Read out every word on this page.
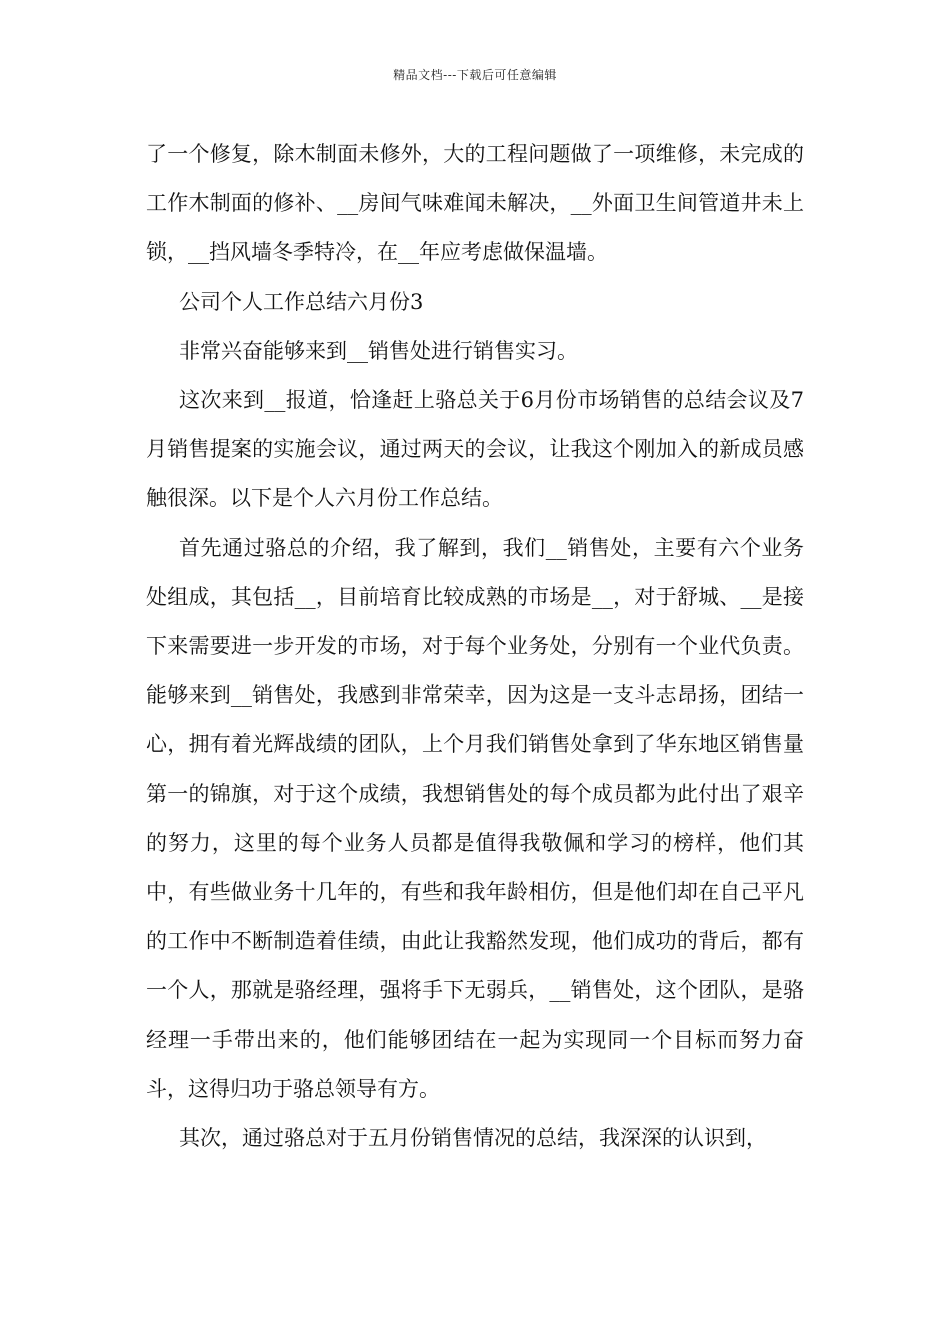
精品文档---下载后可任意编辑

了一个修复，除木制面未修外，大的工程问题做了一项维修，未完成的工作木制面的修补、__房间气味难闻未解决，__外面卫生间管道井未上锁，__挡风墙冬季特冷，在__年应考虑做保温墙。

公司个人工作总结六月份3

非常兴奋能够来到__销售处进行销售实习。

这次来到__报道，恰逢赶上骆总关于6月份市场销售的总结会议及7月销售提案的实施会议，通过两天的会议，让我这个刚加入的新成员感触很深。以下是个人六月份工作总结。

首先通过骆总的介绍，我了解到，我们__销售处，主要有六个业务处组成，其包括__，目前培育比较成熟的市场是__，对于舒城、__是接下来需要进一步开发的市场，对于每个业务处，分别有一个业代负责。能够来到__销售处，我感到非常荣幸，因为这是一支斗志昂扬，团结一心，拥有着光辉战绩的团队，上个月我们销售处拿到了华东地区销售量第一的锦旗，对于这个成绩，我想销售处的每个成员都为此付出了艰辛的努力，这里的每个业务人员都是值得我敬佩和学习的榜样，他们其中，有些做业务十几年的，有些和我年龄相仿，但是他们却在自己平凡的工作中不断制造着佳绩，由此让我豁然发现，他们成功的背后，都有一个人，那就是骆经理，强将手下无弱兵，__销售处，这个团队，是骆经理一手带出来的，他们能够团结在一起为实现同一个目标而努力奋斗，这得归功于骆总领导有方。

其次，通过骆总对于五月份销售情况的总结，我深深的认识到，
